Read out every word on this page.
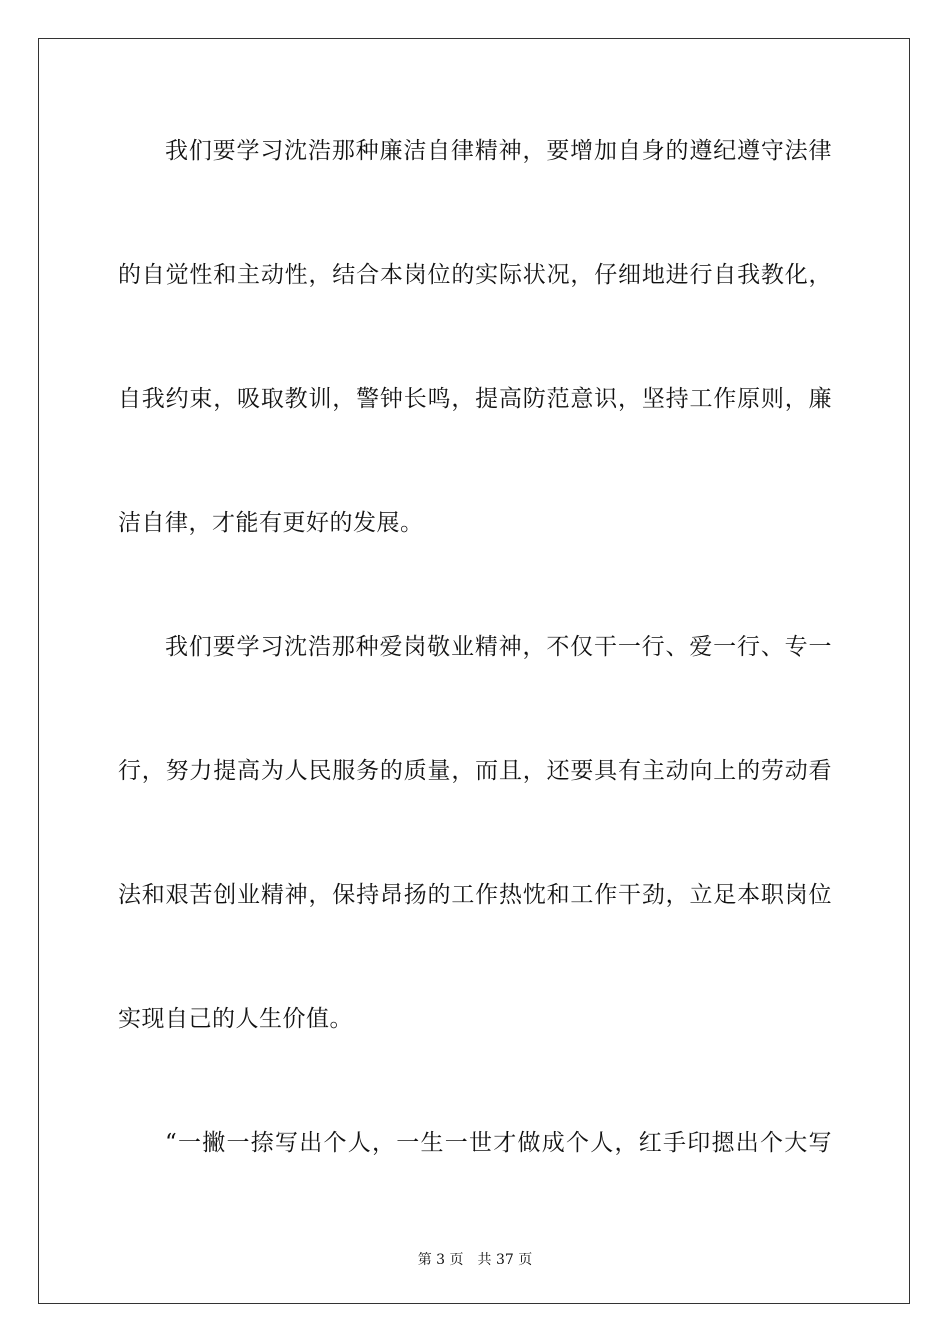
我们要学习沈浩那种廉洁自律精神，要增加自身的遵纪遵守法律
的自觉性和主动性，结合本岗位的实际状况，仔细地进行自我教化，
自我约束，吸取教训，警钟长鸣，提高防范意识，坚持工作原则，廉
洁自律，才能有更好的发展。
我们要学习沈浩那种爱岗敬业精神，不仅干一行、爱一行、专一
行，努力提高为人民服务的质量，而且，还要具有主动向上的劳动看
法和艰苦创业精神，保持昂扬的工作热忱和工作干劲，立足本职岗位
实现自己的人生价值。
“一撇一捺写出个人，一生一世才做成个人，红手印摁出个大写
第 3 页　共 37 页
